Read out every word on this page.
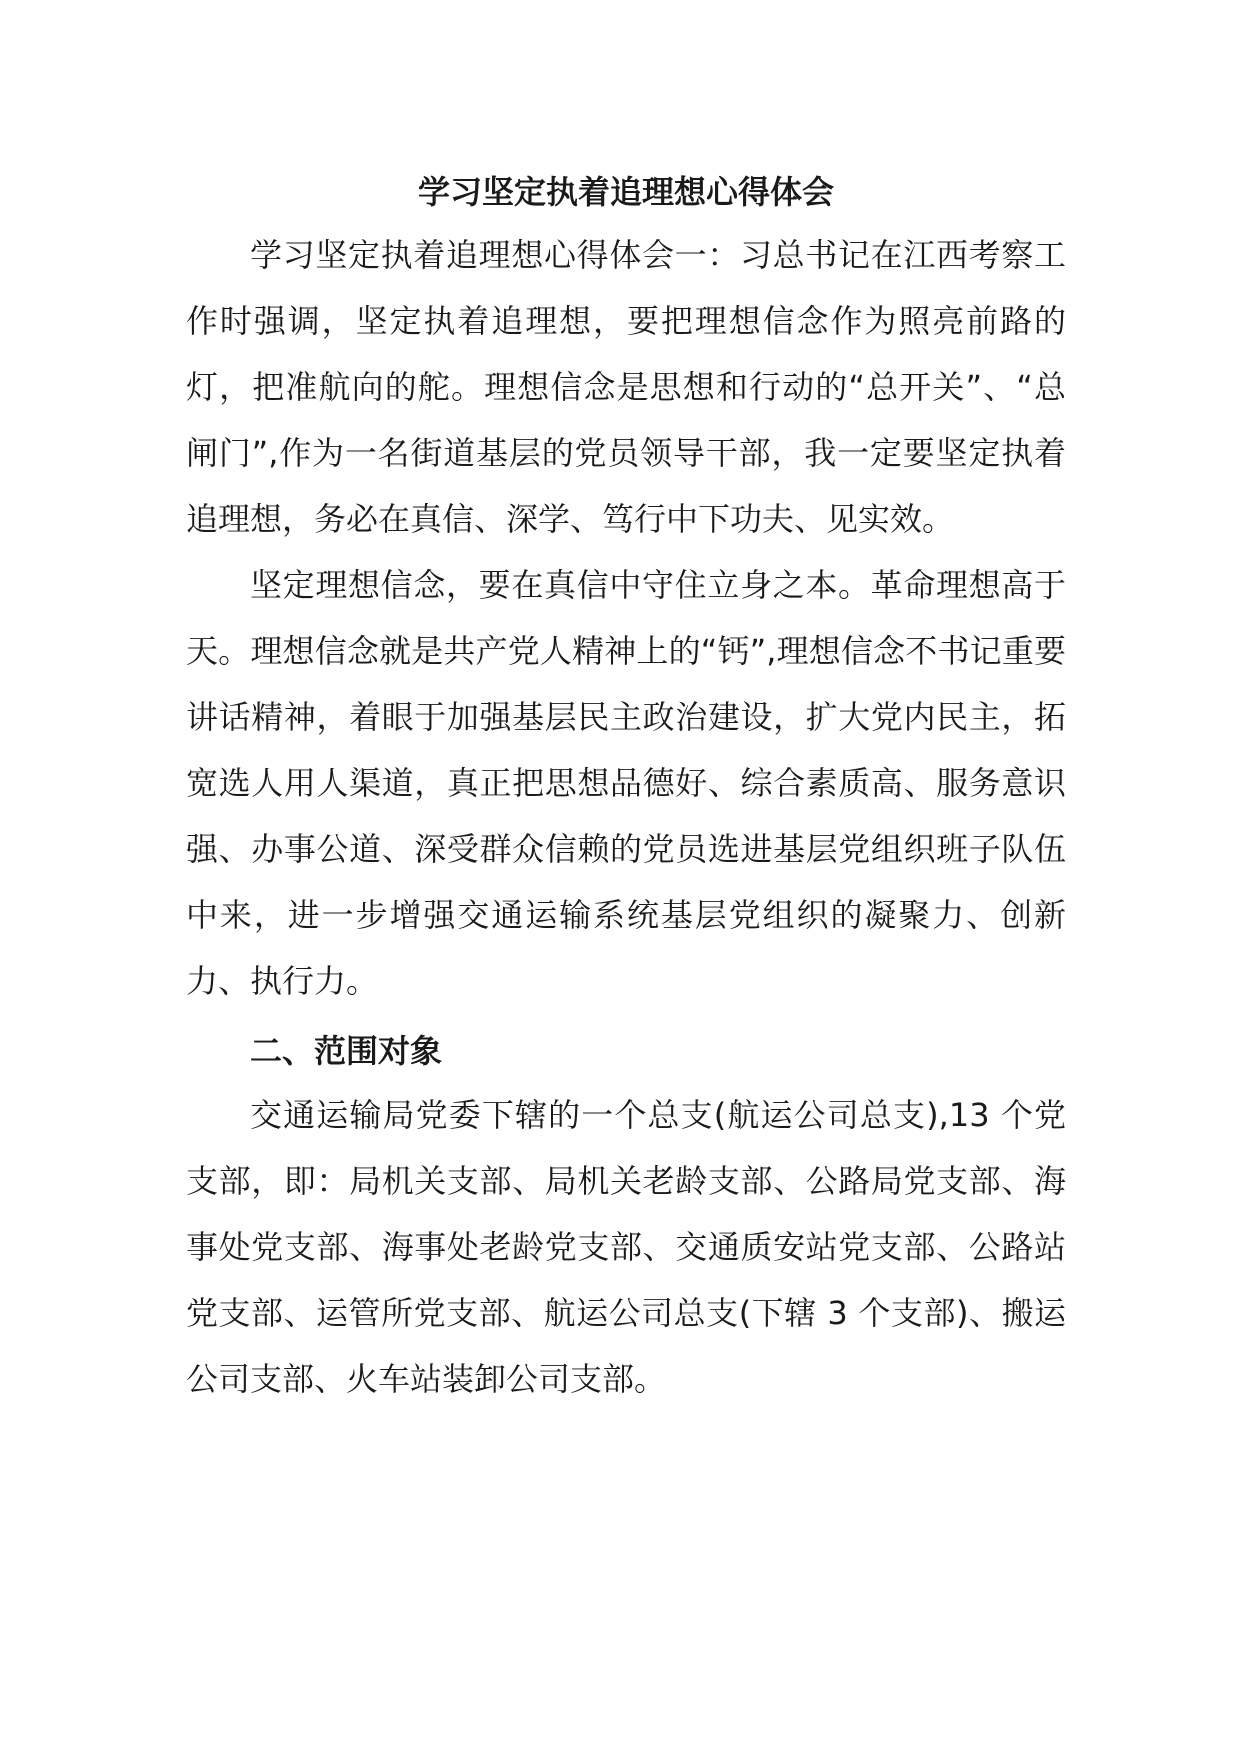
学习坚定执着追理想心得体会

学习坚定执着追理想心得体会一：习总书记在江西考察工作时强调，坚定执着追理想，要把理想信念作为照亮前路的灯，把准航向的舵。理想信念是思想和行动的“总开关”、“总闸门”,作为一名街道基层的党员领导干部，我一定要坚定执着追理想，务必在真信、深学、笃行中下功夫、见实效。

坚定理想信念，要在真信中守住立身之本。革命理想高于天。理想信念就是共产党人精神上的“钙”,理想信念不书记重要讲话精神，着眼于加强基层民主政治建设，扩大党内民主，拓宽选人用人渠道，真正把思想品德好、综合素质高、服务意识强、办事公道、深受群众信赖的党员选进基层党组织班子队伍中来，进一步增强交通运输系统基层党组织的凝聚力、创新力、执行力。

二、范围对象

交通运输局党委下辖的一个总支(航运公司总支),13 个党支部，即：局机关支部、局机关老龄支部、公路局党支部、海事处党支部、海事处老龄党支部、交通质安站党支部、公路站党支部、运管所党支部、航运公司总支(下辖 3 个支部)、搬运公司支部、火车站装卸公司支部。
